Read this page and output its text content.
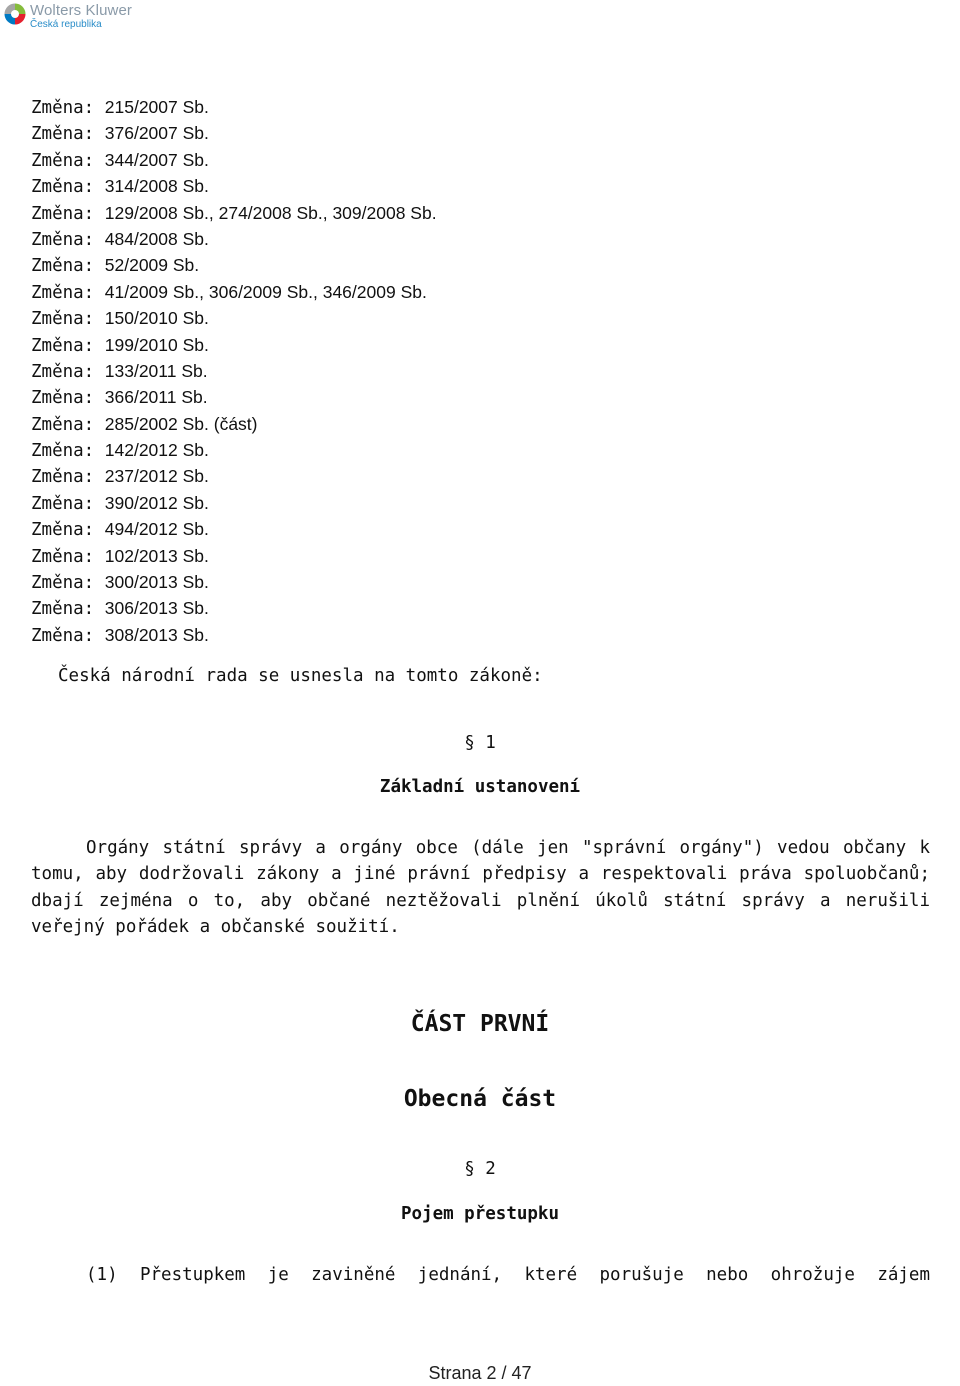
Wolters Kluwer
Česká republika
Změna: 215/2007 Sb.
Změna: 376/2007 Sb.
Změna: 344/2007 Sb.
Změna: 314/2008 Sb.
Změna: 129/2008 Sb., 274/2008 Sb., 309/2008 Sb.
Změna: 484/2008 Sb.
Změna: 52/2009 Sb.
Změna: 41/2009 Sb., 306/2009 Sb., 346/2009 Sb.
Změna: 150/2010 Sb.
Změna: 199/2010 Sb.
Změna: 133/2011 Sb.
Změna: 366/2011 Sb.
Změna: 285/2002 Sb. (část)
Změna: 142/2012 Sb.
Změna: 237/2012 Sb.
Změna: 390/2012 Sb.
Změna: 494/2012 Sb.
Změna: 102/2013 Sb.
Změna: 300/2013 Sb.
Změna: 306/2013 Sb.
Změna: 308/2013 Sb.
Česká národní rada se usnesla na tomto zákoně:
§ 1
Základní ustanovení

Orgány státní správy a orgány obce (dále jen "správní orgány") vedou občany k tomu, aby dodržovali zákony a jiné právní předpisy a respektovali práva spoluobčanů; dbají zejména o to, aby občané neztěžovali plnění úkolů státní správy a nerušili veřejný pořádek a občanské soužití.

ČÁST PRVNÍ
Obecná část
§ 2
Pojem přestupku

(1) Přestupkem je zaviněné jednání, které porušuje nebo ohrožuje zájem

Strana 2 / 47
